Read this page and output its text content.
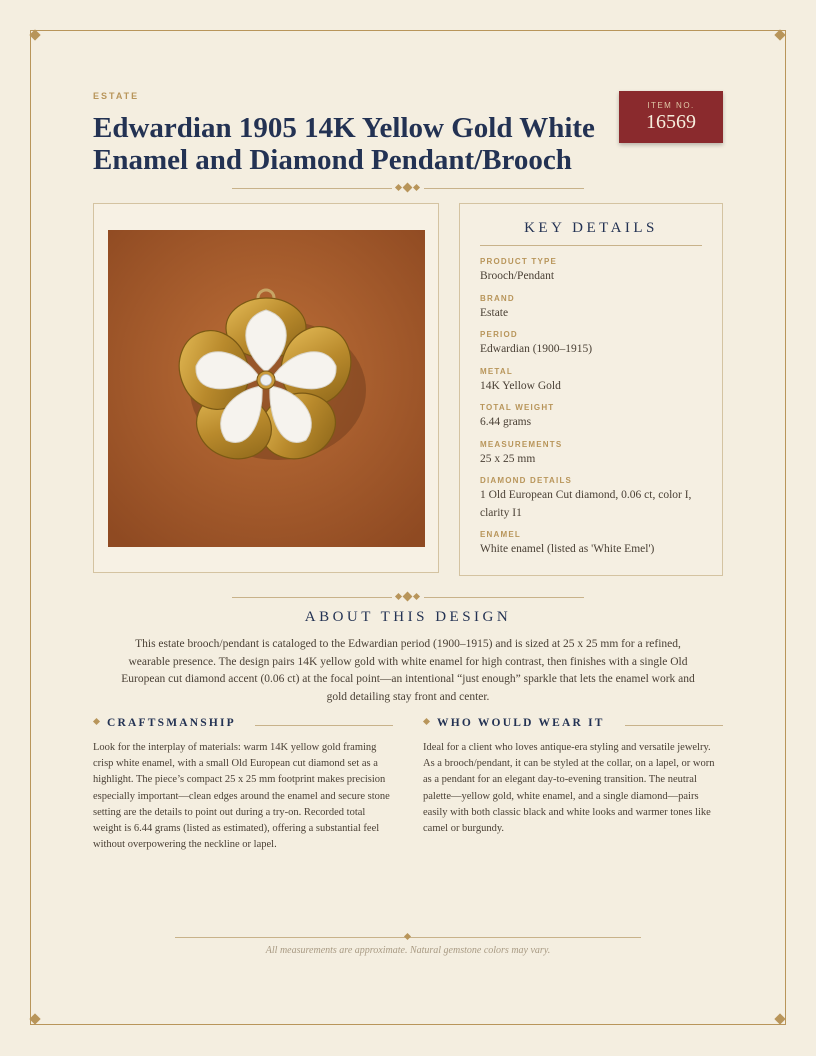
ESTATE
Edwardian 1905 14K Yellow Gold White Enamel and Diamond Pendant/Brooch
ITEM NO.
16569
KEY DETAILS
PRODUCT TYPE
Brooch/Pendant
BRAND
Estate
PERIOD
Edwardian (1900–1915)
METAL
14K Yellow Gold
TOTAL WEIGHT
6.44 grams
MEASUREMENTS
25 x 25 mm
DIAMOND DETAILS
1 Old European Cut diamond, 0.06 ct, color I, clarity I1
ENAMEL
White enamel (listed as 'White Emel')
ABOUT THIS DESIGN

This estate brooch/pendant is cataloged to the Edwardian period (1900–1915) and is sized at 25 x 25 mm for a refined, wearable presence. The design pairs 14K yellow gold with white enamel for high contrast, then finishes with a single Old European cut diamond accent (0.06 ct) at the focal point—an intentional “just enough” sparkle that lets the enamel work and gold detailing stay front and center.

CRAFTSMANSHIP

Look for the interplay of materials: warm 14K yellow gold framing crisp white enamel, with a small Old European cut diamond set as a highlight. The piece’s compact 25 x 25 mm footprint makes precision especially important—clean edges around the enamel and secure stone setting are the details to point out during a try-on. Recorded total weight is 6.44 grams (listed as estimated), offering a substantial feel without overpowering the neckline or lapel.

WHO WOULD WEAR IT

Ideal for a client who loves antique-era styling and versatile jewelry. As a brooch/pendant, it can be styled at the collar, on a lapel, or worn as a pendant for an elegant day-to-evening transition. The neutral palette—yellow gold, white enamel, and a single diamond—pairs easily with both classic black and white looks and warmer tones like camel or burgundy.

All measurements are approximate. Natural gemstone colors may vary.
